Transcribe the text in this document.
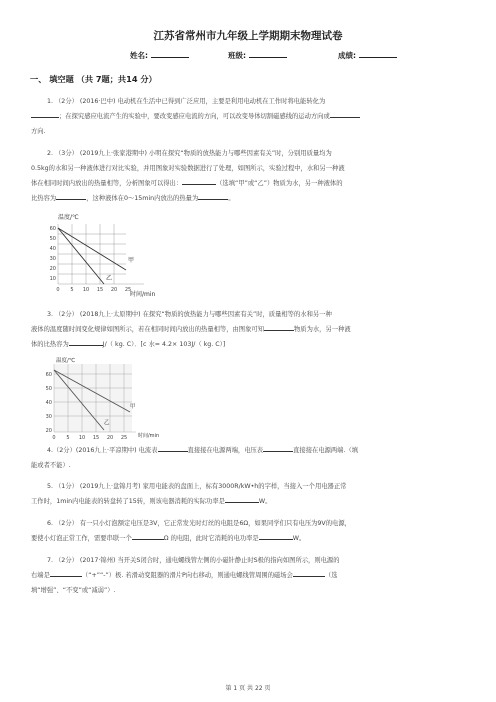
江苏省常州市九年级上学期期末物理试卷
姓名:	班级:	成绩:
一、 填空题 （共 7题；共14 分）
1. （2分） (2016·巴中) 电动机在生活中已得到广泛应用，主要是利用电动机在工作时将电能转化为
；在探究感应电流产生的实验中，要改变感应电流的方向，可以改变导体切割磁感线的运动方向或
方向.
2. （3分） (2019九上·张家港期中) 小明在探究“物质的放热能力与哪些因素有关”时，分别用质量均为
0.5kg的水和另一种液体进行对比实验，并用图象对实验数据进行了处理，如图所示，实验过程中，水和另一种液
体在相同时间内放出的热量相等，分析图象可以得出：	（选填“甲”或“乙”）物质为水，另一种液体的
比热容为	，这种液体在0～15min内放出的热量为	。
温度/℃
时间/min
甲
乙
60
50
40
30
20
10
0 5 10 15 20 25
3. （2分） (2018九上·太原期中) 在探究“物质的放热能力与哪些因素有关”时，质量相等的水和另一种
液体的温度随时间变化规律如图所示，若在相同时间内放出的热量相等，由图象可知	物质为水，另一种液
体的比热容为	J/（ kg. C）．[c 水= 4.2× 103J/（ kg. C）]
温度/℃
时间/min
甲
乙
60
50
40
30
20
0 5 10 15 20 25
4.（2分）(2016九上·平凉期中) 电流表	直接接在电源两端，电压表	直接接在电源两端.（填
能或者不能）.
5. （1分） (2019九上·盘锦月考) 家用电能表的盘面上，标有3000R/kW•h的字样，当接入一个用电器正常
工作时，1min内电能表的转盘转了15转，则该电器消耗的实际功率是	W。
6. （2分） 有一只小灯泡额定电压是3V，它正常发光时灯丝的电阻是6Ω，如果同学们只有电压为9V的电源，
要使小灯泡正常工作，需要串联一个	Ω 的电阻，此时它消耗的电功率是	W。
7. （2分） (2017·锦州) 当开关S闭合时，通电螺线管左侧的小磁针静止时S极的指向如图所示，则电源的
右端是	（“+”“-”）极. 若滑动变阻器的滑片P向右移动，则通电螺线管周围的磁场会	（选
填“增强”、“不变”或“减弱”）.
第 1 页 共 22 页
